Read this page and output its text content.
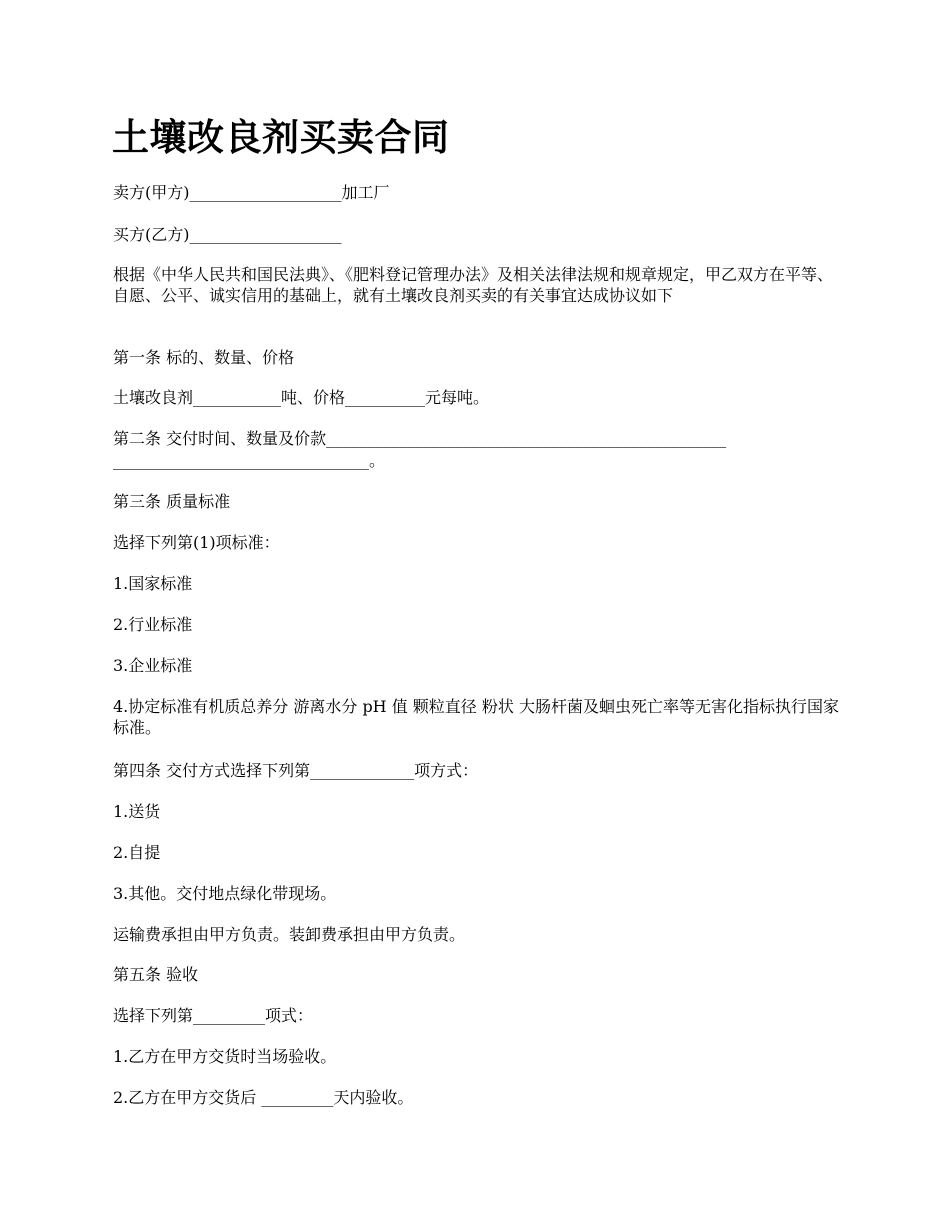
土壤改良剂买卖合同

卖方(甲方)___________________加工厂

买方(乙方)___________________

根据《中华人民共和国民法典》、《肥料登记管理办法》及相关法律法规和规章规定，甲乙双方在平等、自愿、公平、诚实信用的基础上，就有土壤改良剂买卖的有关事宜达成协议如下

第一条 标的、数量、价格

土壤改良剂___________吨、价格__________元每吨。

第二条 交付时间、数量及价款__________________________________________________

________________________________。

第三条 质量标准

选择下列第(1)项标准：

1.国家标准

2.行业标准

3.企业标准

4.协定标准有机质总养分 游离水分 pH 值 颗粒直径 粉状 大肠杆菌及蛔虫死亡率等无害化指标执行国家标准。

第四条 交付方式选择下列第_____________项方式：

1.送货

2.自提

3.其他。交付地点绿化带现场。

运输费承担由甲方负责。装卸费承担由甲方负责。

第五条 验收

选择下列第_________项式：

1.乙方在甲方交货时当场验收。

2.乙方在甲方交货后 _________天内验收。
